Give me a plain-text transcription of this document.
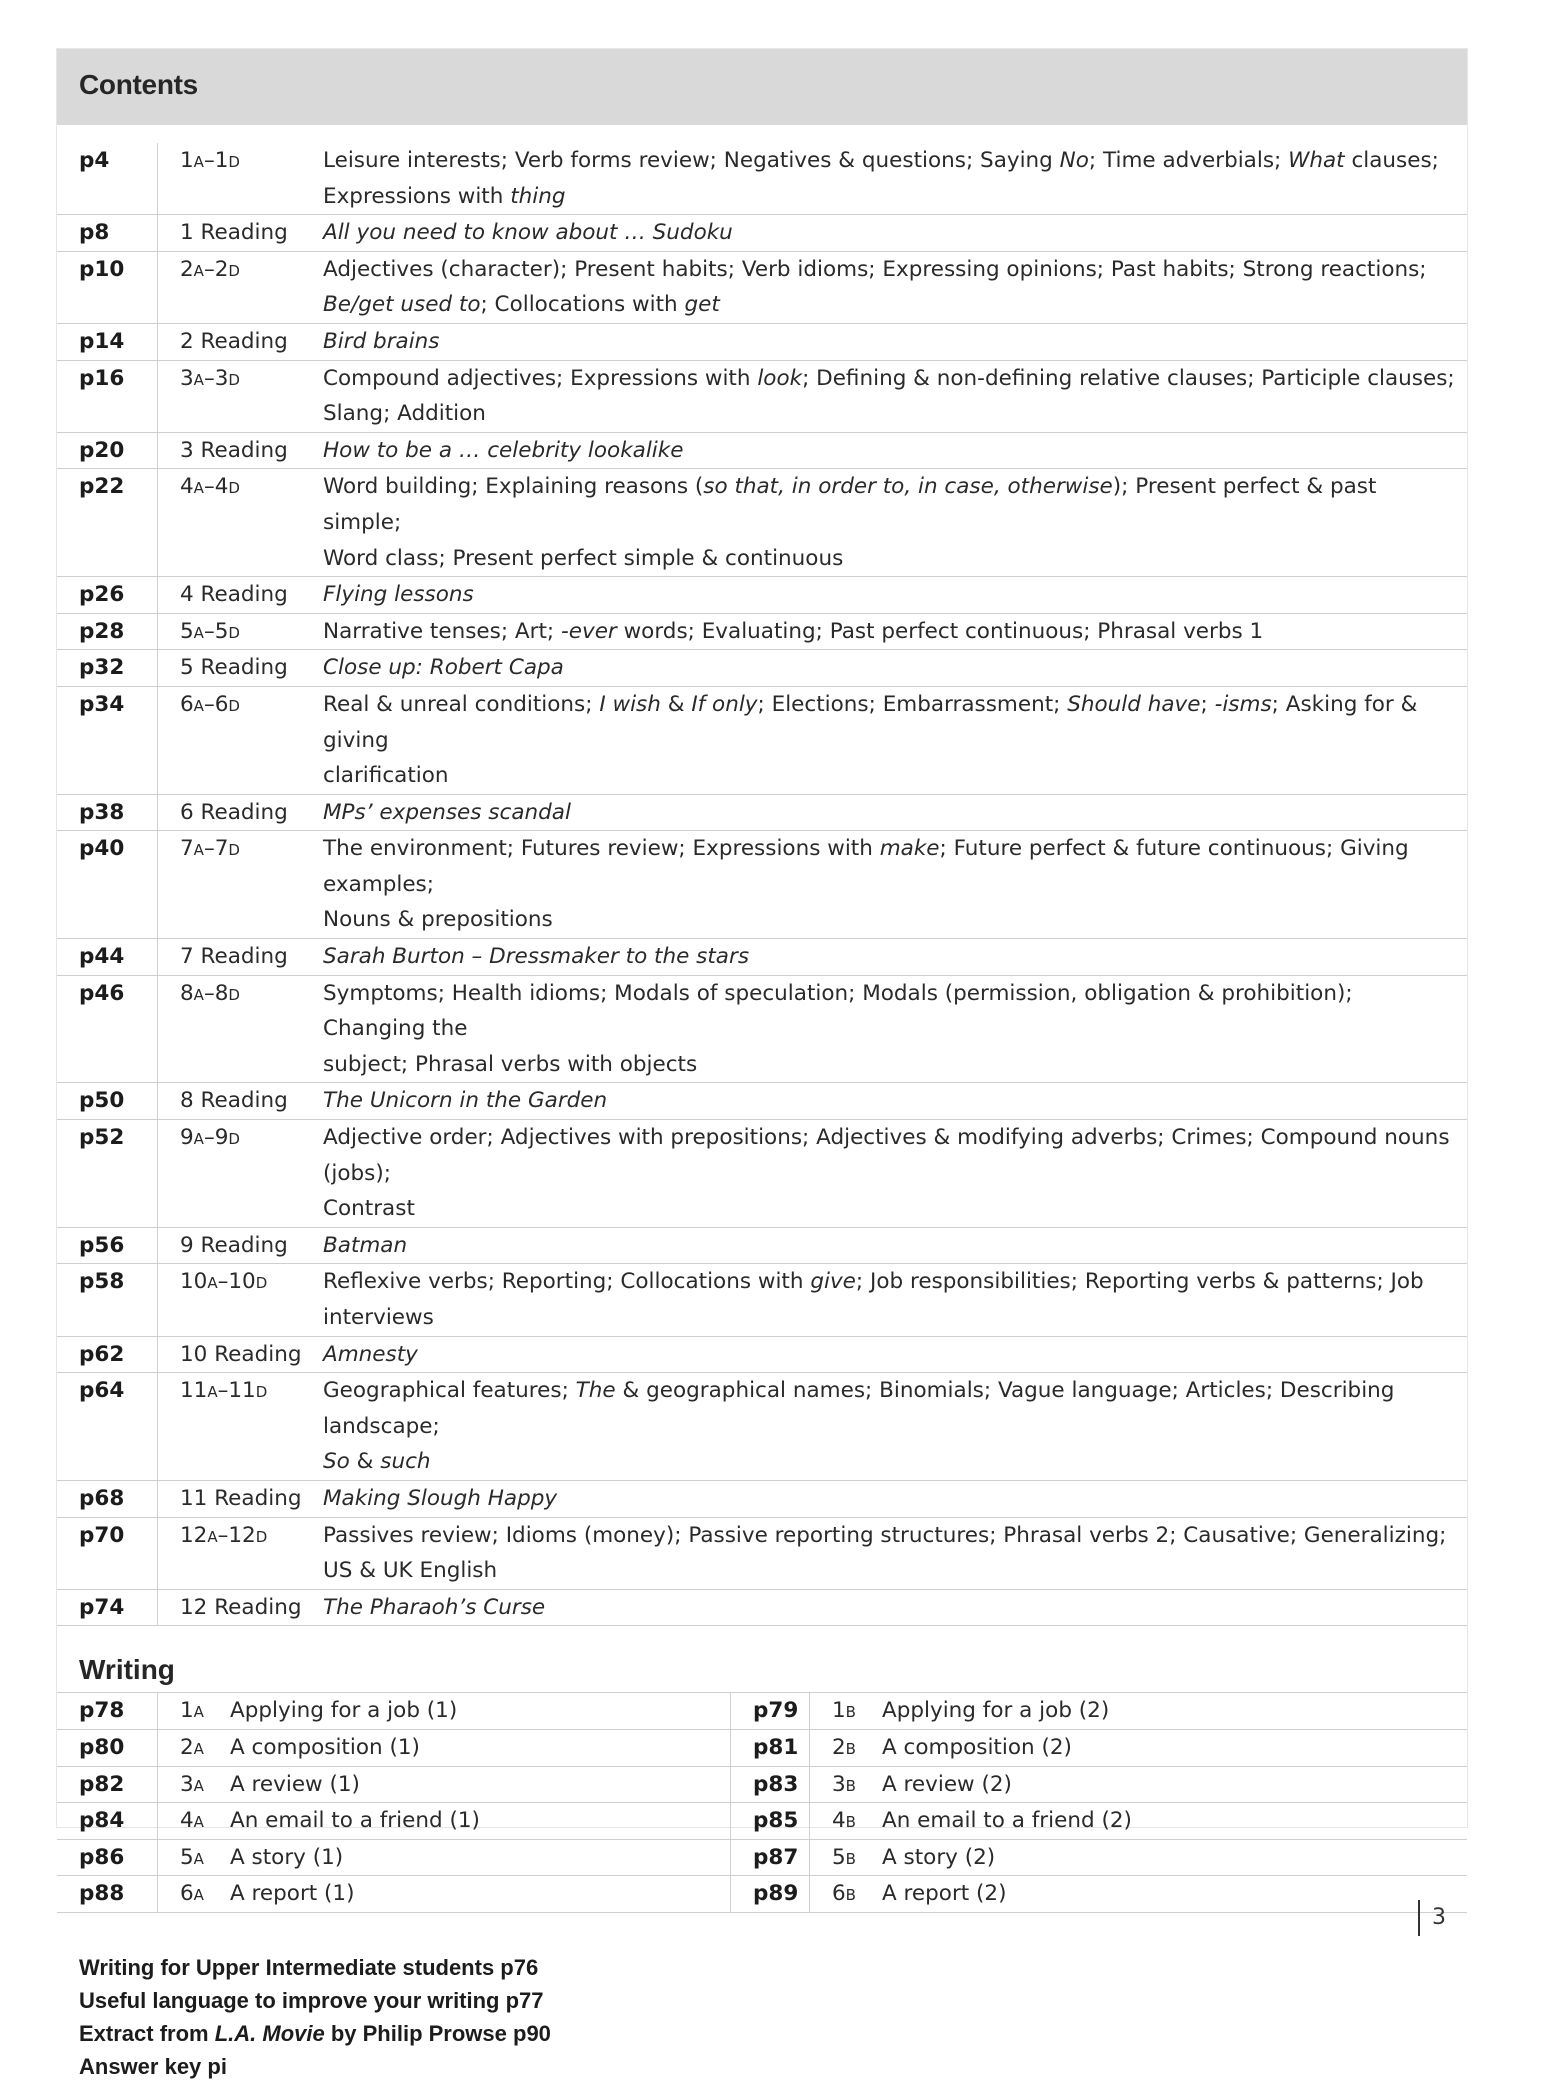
Contents
p4	1a–1d	Leisure interests; Verb forms review; Negatives & questions; Saying No; Time adverbials; What clauses;
Expressions with thing
p8	1 Reading	All you need to know about … Sudoku
p10	2a–2d	Adjectives (character); Present habits; Verb idioms; Expressing opinions; Past habits; Strong reactions;
Be/get used to; Collocations with get
p14	2 Reading	Bird brains
p16	3a–3d	Compound adjectives; Expressions with look; Defining & non-defining relative clauses; Participle clauses;
Slang; Addition
p20	3 Reading	How to be a … celebrity lookalike
p22	4a–4d	Word building; Explaining reasons (so that, in order to, in case, otherwise); Present perfect & past simple;
Word class; Present perfect simple & continuous
p26	4 Reading	Flying lessons
p28	5a–5d	Narrative tenses; Art; -ever words; Evaluating; Past perfect continuous; Phrasal verbs 1
p32	5 Reading	Close up: Robert Capa
p34	6a–6d	Real & unreal conditions; I wish & If only; Elections; Embarrassment; Should have; -isms; Asking for & giving
clarification
p38	6 Reading	MPs’ expenses scandal
p40	7a–7d	The environment; Futures review; Expressions with make; Future perfect & future continuous; Giving examples;
Nouns & prepositions
p44	7 Reading	Sarah Burton – Dressmaker to the stars
p46	8a–8d	Symptoms; Health idioms; Modals of speculation; Modals (permission, obligation & prohibition); Changing the
subject; Phrasal verbs with objects
p50	8 Reading	The Unicorn in the Garden
p52	9a–9d	Adjective order; Adjectives with prepositions; Adjectives & modifying adverbs; Crimes; Compound nouns (jobs);
Contrast
p56	9 Reading	Batman
p58	10a–10d	Reflexive verbs; Reporting; Collocations with give; Job responsibilities; Reporting verbs & patterns; Job interviews
p62	10 Reading	Amnesty
p64	11a–11d	Geographical features; The & geographical names; Binomials; Vague language; Articles; Describing landscape;
So & such
p68	11 Reading	Making Slough Happy
p70	12a–12d	Passives review; Idioms (money); Passive reporting structures; Phrasal verbs 2; Causative; Generalizing;
US & UK English
p74	12 Reading	The Pharaoh’s Curse
Writing
p78	1a	Applying for a job (1)	p79	1b	Applying for a job (2)
p80	2a	A composition (1)	p81	2b	A composition (2)
p82	3a	A review (1)	p83	3b	A review (2)
p84	4a	An email to a friend (1)	p85	4b	An email to a friend (2)
p86	5a	A story (1)	p87	5b	A story (2)
p88	6a	A report (1)	p89	6b	A report (2)
Writing for Upper Intermediate students p76
Useful language to improve your writing p77
Extract from L.A. Movie by Philip Prowse p90
Answer key pi
3
